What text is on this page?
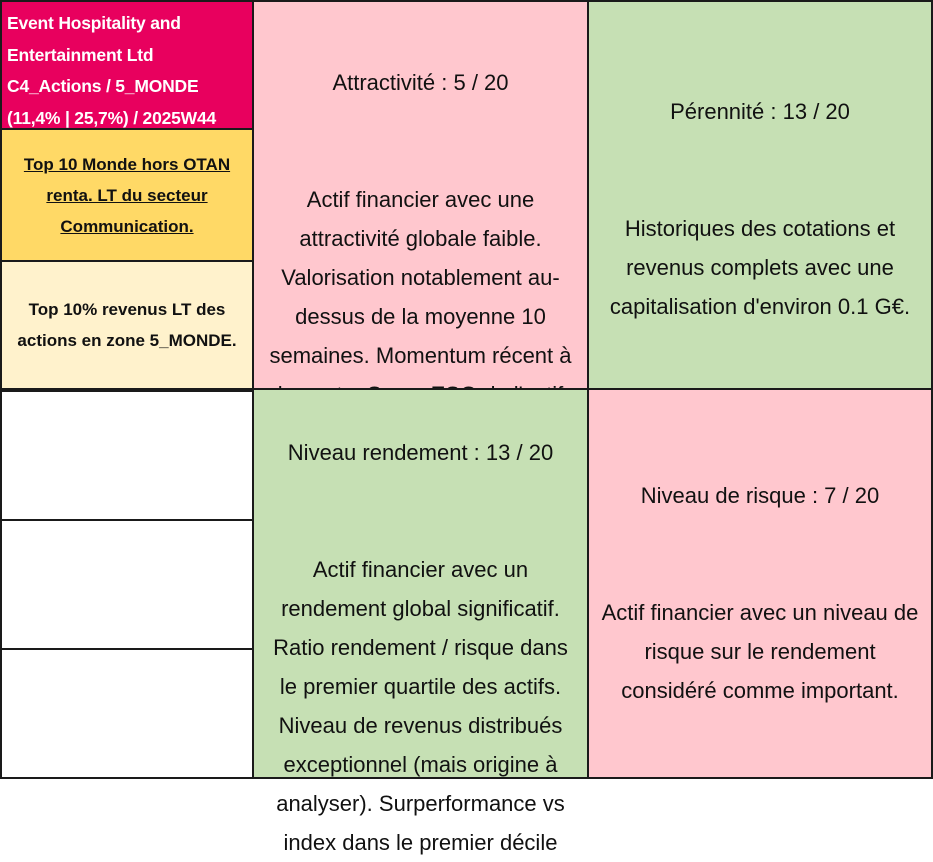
Event Hospitality and
Entertainment Ltd
C4_Actions / 5_MONDE
(11,4% | 25,7%) / 2025W44
Top 10 Monde hors OTAN
renta. LT du secteur
Communication.
Top 10% revenus LT des
actions en zone 5_MONDE.

Attractivité : 5 / 20

Actif financier avec une
attractivité globale faible.
Valorisation notablement au-
dessus de la moyenne 10
semaines. Momentum récent à

Pérennité : 13 / 20

Historiques des cotations et
revenus complets avec une
capitalisation d'environ 0.1 G€.

Niveau rendement : 13 / 20

Actif financier avec un
rendement global significatif.
Ratio rendement / risque dans
le premier quartile des actifs.
Niveau de revenus distribués
exceptionnel (mais origine à
analyser). Surperformance vs
index dans le premier décile

Niveau de risque : 7 / 20

Actif financier avec un niveau de
risque sur le rendement
considéré comme important.
